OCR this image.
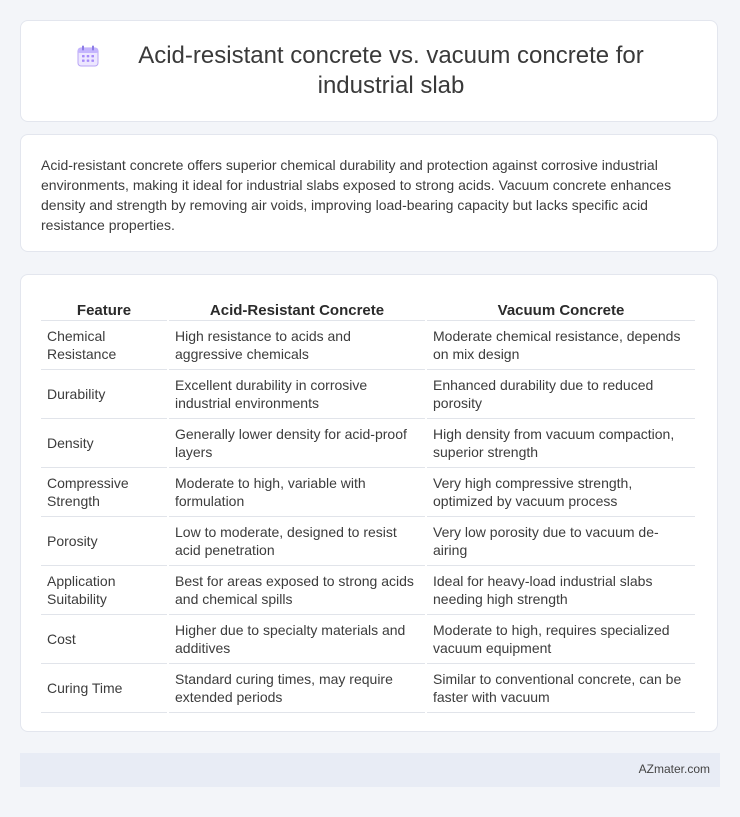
Acid-resistant concrete vs. vacuum concrete for industrial slab

Acid-resistant concrete offers superior chemical durability and protection against corrosive industrial environments, making it ideal for industrial slabs exposed to strong acids. Vacuum concrete enhances density and strength by removing air voids, improving load-bearing capacity but lacks specific acid resistance properties.

Feature	Acid-Resistant Concrete	Vacuum Concrete
Chemical Resistance	High resistance to acids and aggressive chemicals	Moderate chemical resistance, depends on mix design
Durability	Excellent durability in corrosive industrial environments	Enhanced durability due to reduced porosity
Density	Generally lower density for acid-proof layers	High density from vacuum compaction, superior strength
Compressive Strength	Moderate to high, variable with formulation	Very high compressive strength, optimized by vacuum process
Porosity	Low to moderate, designed to resist acid penetration	Very low porosity due to vacuum de-airing
Application Suitability	Best for areas exposed to strong acids and chemical spills	Ideal for heavy-load industrial slabs needing high strength
Cost	Higher due to specialty materials and additives	Moderate to high, requires specialized vacuum equipment
Curing Time	Standard curing times, may require extended periods	Similar to conventional concrete, can be faster with vacuum
AZmater.com
